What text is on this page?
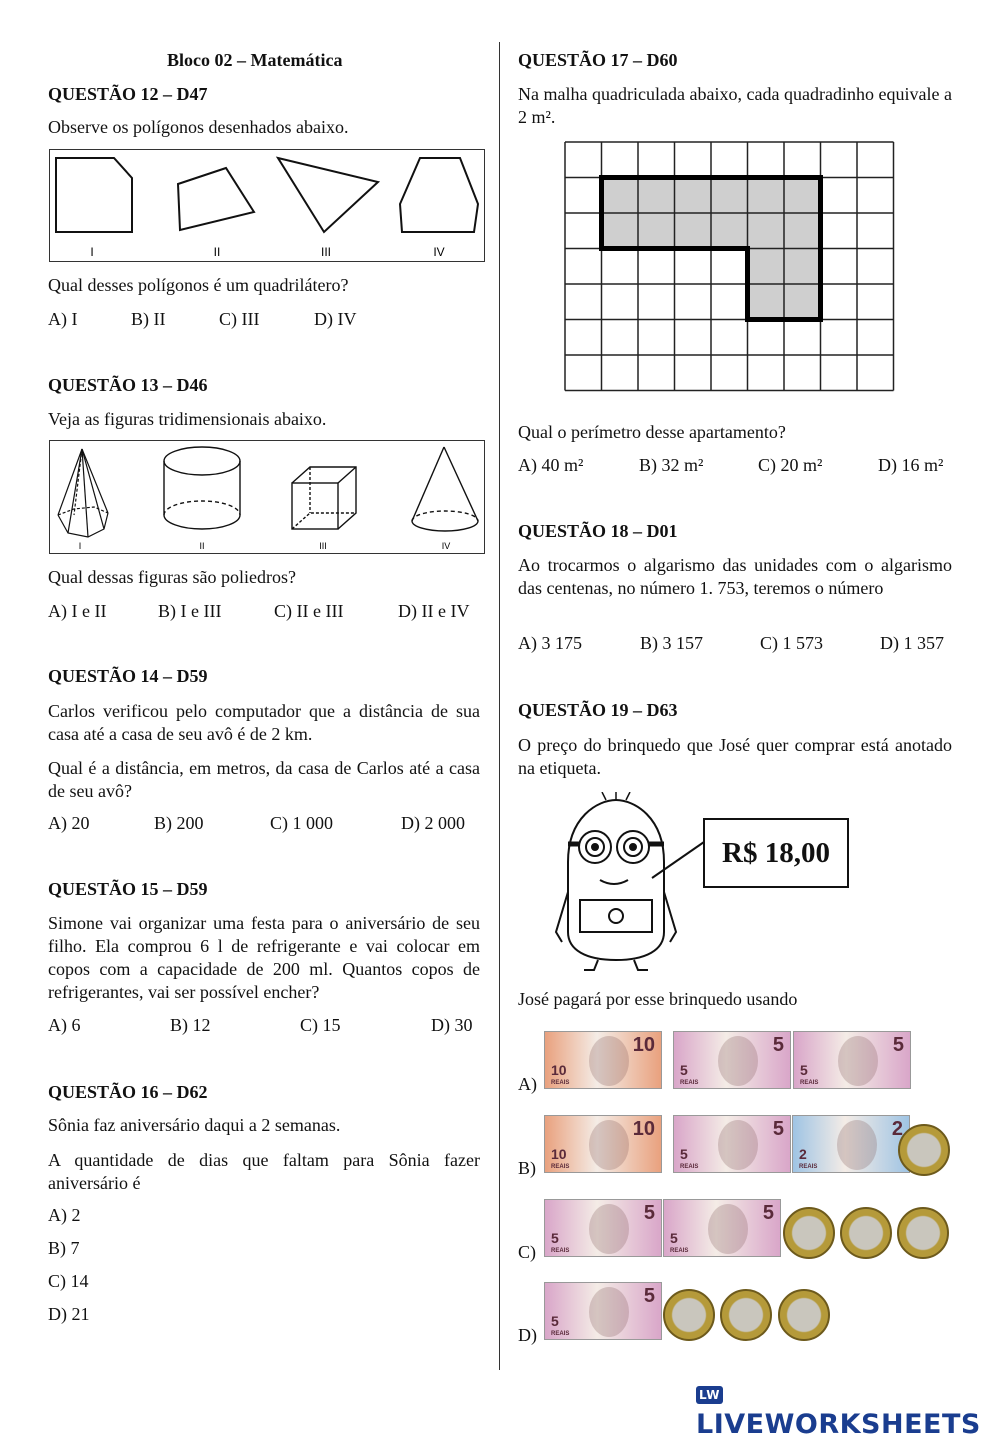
Bloco 02 – Matemática
QUESTÃO 12 – D47
Observe os polígonos desenhados abaixo.
I	II	III	IV
Qual desses polígonos é um quadrilátero?
A) I	B) II	C) III	D) IV
QUESTÃO 13 – D46
Veja as figuras tridimensionais abaixo.
I	II	III	IV
Qual dessas figuras são poliedros?
A) I e II	B) I e III	C) II e III	D) II e IV
QUESTÃO 14 – D59
Carlos verificou pelo computador que a distância de sua casa até a casa de seu avô é de 2 km.
Qual é a distância, em metros, da casa de Carlos até a casa de seu avô?
A) 20	B) 200	C) 1 000	D) 2 000
QUESTÃO 15 – D59
Simone vai organizar uma festa para o aniversário de seu filho. Ela comprou 6 l de refrigerante e vai colocar em copos com a capacidade de 200 ml. Quantos copos de refrigerantes, vai ser possível encher?
A) 6	B) 12	C) 15	D) 30
QUESTÃO 16 – D62
Sônia faz aniversário daqui a 2 semanas.
A quantidade de dias que faltam para Sônia fazer aniversário é
A) 2
B) 7
C) 14
D) 21
QUESTÃO 17 – D60
Na malha quadriculada abaixo, cada quadradinho equivale a 2 m².
Qual o perímetro desse apartamento?
A) 40 m²	B) 32 m²	C) 20 m²	D) 16 m²
QUESTÃO 18 – D01
Ao trocarmos o algarismo das unidades com o algarismo das centenas, no número 1. 753, teremos o número
A) 3 175	B) 3 157	C) 1 573	D) 1 357
QUESTÃO 19 – D63
O preço do brinquedo que José quer comprar está anotado na etiqueta.
R$ 18,00
José pagará por esse brinquedo usando
A)
B)
C)
D)
10
10
REAIS
5
5
REAIS
5
5
REAIS
10
10
REAIS
5
5
REAIS
2
2
REAIS
5
5
REAIS
5
5
REAIS
5
5
REAIS
LWLIVEWORKSHEETS
